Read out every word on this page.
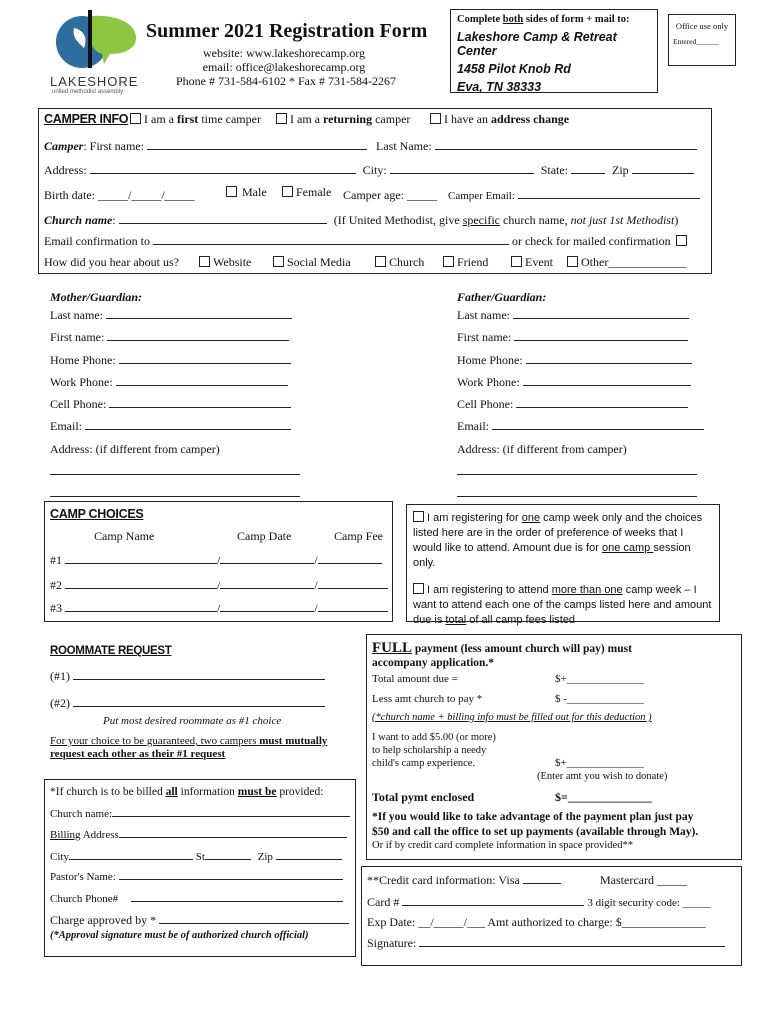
LAKESHORE
united methodist assembly
Summer 2021 Registration Form
website: www.lakeshorecamp.org
email: office@lakeshorecamp.org
Phone # 731-584-6102 * Fax # 731-584-2267
Complete both sides of form + mail to:
Lakeshore Camp & Retreat Center
1458 Pilot Knob Rd
Eva, TN 38333
Office use only
Entered______
CAMPER INFO	I am a first time camper	I am a returning camper	I have an address change
Camper: First name:	Last Name:
Address:	City:	State:	Zip
Birth date: _____/_____/_____	Male	Female Camper age: _____ Camper Email:
Church name:	(If United Methodist, give specific church name, not just 1st Methodist)
Email confirmation to	or check for mailed confirmation
How did you hear about us?	Website	Social Media	Church	Friend	Event	Other_____________
Mother/Guardian:	Father/Guardian:
Last name:
First name:
Home Phone:
Work Phone:
Cell Phone:
Email:
Address: (if different from camper)
Last name:
First name:
Home Phone:
Work Phone:
Cell Phone:
Email:
Address: (if different from camper)
CAMP CHOICES
Camp Name	Camp Date	Camp Fee
#1	/	/
#2	/	/
#3	/	/
I am registering for one camp week only and the choices listed here are in the order of preference of weeks that I would like to attend. Amount due is for one camp session only.
I am registering to attend more than one camp week – I want to attend each one of the camps listed here and amount due is total of all camp fees listed
ROOMMATE REQUEST
(#1)
(#2)
Put most desired roommate as #1 choice
For your choice to be guaranteed, two campers must mutually
request each other as their #1 request
FULL payment (less amount church will pay) must
accompany application.*
Total amount due =	$+______________
Less amt church to pay *	$ -______________
(*church name + billing info must be filled out for this deduction )
I want to add $5.00 (or more)
to help scholarship a needy
child's camp experience.	$+______________
(Enter amt you wish to donate)
Total pymt enclosed	$=______________
*If you would like to take advantage of the payment plan just pay
$50 and call the office to set up payments (available through May).
Or if by credit card complete information in space provided**
*If church is to be billed all information must be provided:
Church name:
Billing Address
City	St	Zip
Pastor's Name:
Church Phone#
Charge approved by *
(*Approval signature must be of authorized church official)
**Credit card information: Visa	Mastercard _____
Card #	3 digit security code: _____
Exp Date: __/_____/___ Amt authorized to charge: $______________
Signature:
